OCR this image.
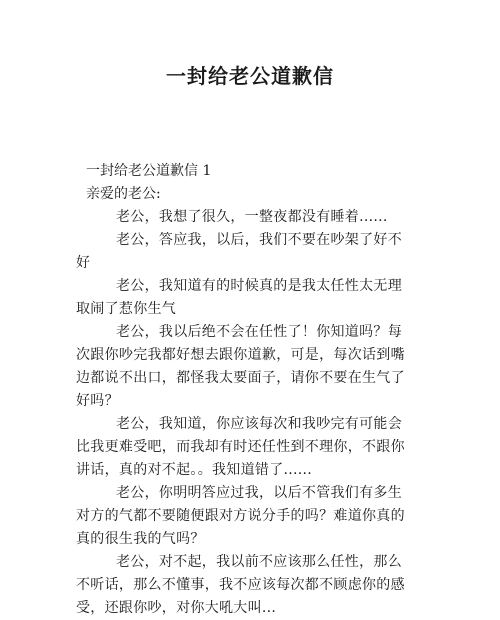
一封给老公道歉信

一封给老公道歉信 1

亲爱的老公:

老公，我想了很久，一整夜都没有睡着......

老公，答应我，以后，我们不要在吵架了好不好

老公，我知道有的时候真的是我太任性太无理取闹了惹你生气

老公，我以后绝不会在任性了！你知道吗？每次跟你吵完我都好想去跟你道歉，可是，每次话到嘴边都说不出口，都怪我太要面子，请你不要在生气了好吗？

老公，我知道，你应该每次和我吵完有可能会比我更难受吧，而我却有时还任性到不理你，不跟你讲话，真的对不起。。我知道错了......

老公，你明明答应过我，以后不管我们有多生对方的气都不要随便跟对方说分手的吗？难道你真的真的很生我的气吗？

老公，对不起，我以前不应该那么任性，那么不听话，那么不懂事，我不应该每次都不顾虑你的感受，还跟你吵，对你大吼大叫...
